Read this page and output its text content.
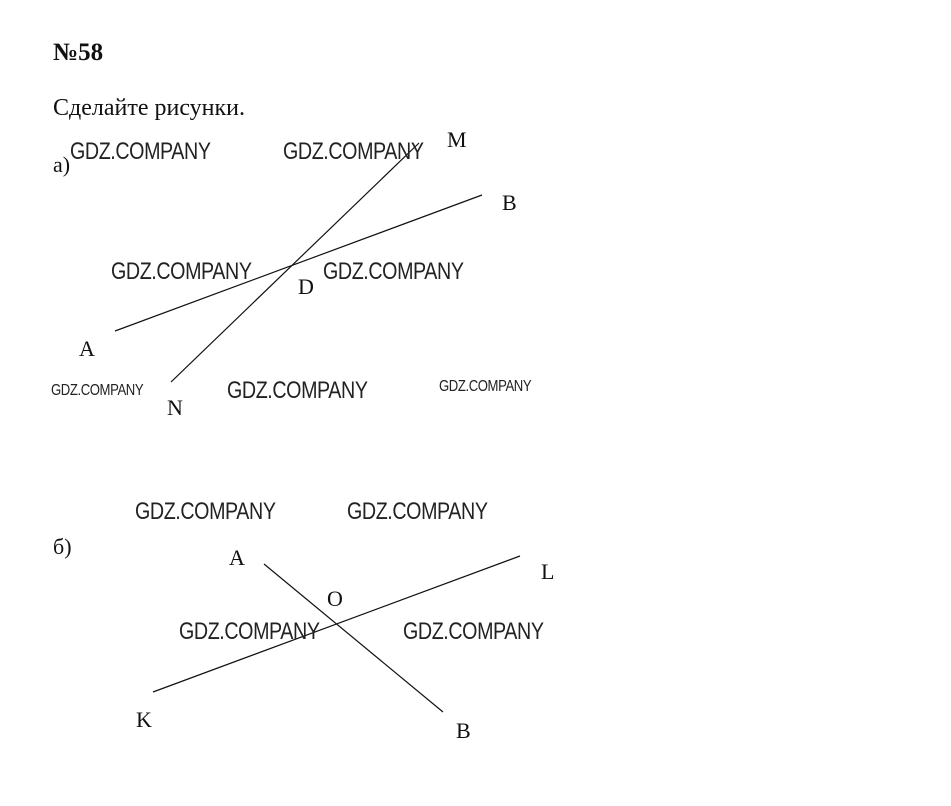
№58
Сделайте рисунки.
а)
M
B
A
D
N
б)	A
L
O
K	B
GDZ.COMPANY	GDZ.COMPANY
GDZ.COMPANY	GDZ.COMPANY
GDZ.COMPANY	GDZ.COMPANY	GDZ.COMPANY
GDZ.COMPANY	GDZ.COMPANY
GDZ.COMPANY	GDZ.COMPANY
